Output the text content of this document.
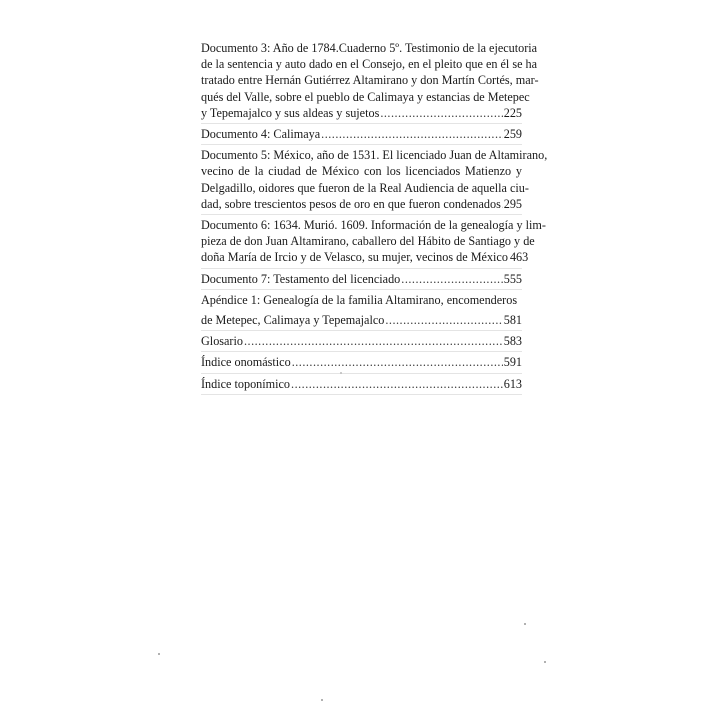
Documento 3: Año de 1784.Cuaderno 5º. Testimonio de la ejecutoria
de la sentencia y auto dado en el Consejo, en el pleito que en él se ha
tratado entre Hernán Gutiérrez Altamirano y don Martín Cortés, mar-
qués del Valle, sobre el pueblo de Calimaya y estancias de Metepec
y Tepemajalco y sus aldeas y sujetos .....	225
Documento 4: Calimaya .....	259
Documento 5: México, año de 1531. El licenciado Juan de Altamirano,
vecino de la ciudad de México con los licenciados Matienzo y
Delgadillo, oidores que fueron de la Real Audiencia de aquella ciu-
dad, sobre trescientos pesos de oro en que fueron condenados ..... 295
Documento 6: 1634. Murió. 1609. Información de la genealogía y lim-
pieza de don Juan Altamirano, caballero del Hábito de Santiago y de
doña María de Ircio y de Velasco, su mujer, vecinos de México 463
Documento 7: Testamento del licenciado .....	555
Apéndice 1: Genealogía de la familia Altamirano, encomenderos
de Metepec, Calimaya y Tepemajalco .....	581
Glosario .....	583
Índice onomástico .....	591
Índice toponímico .....	613
